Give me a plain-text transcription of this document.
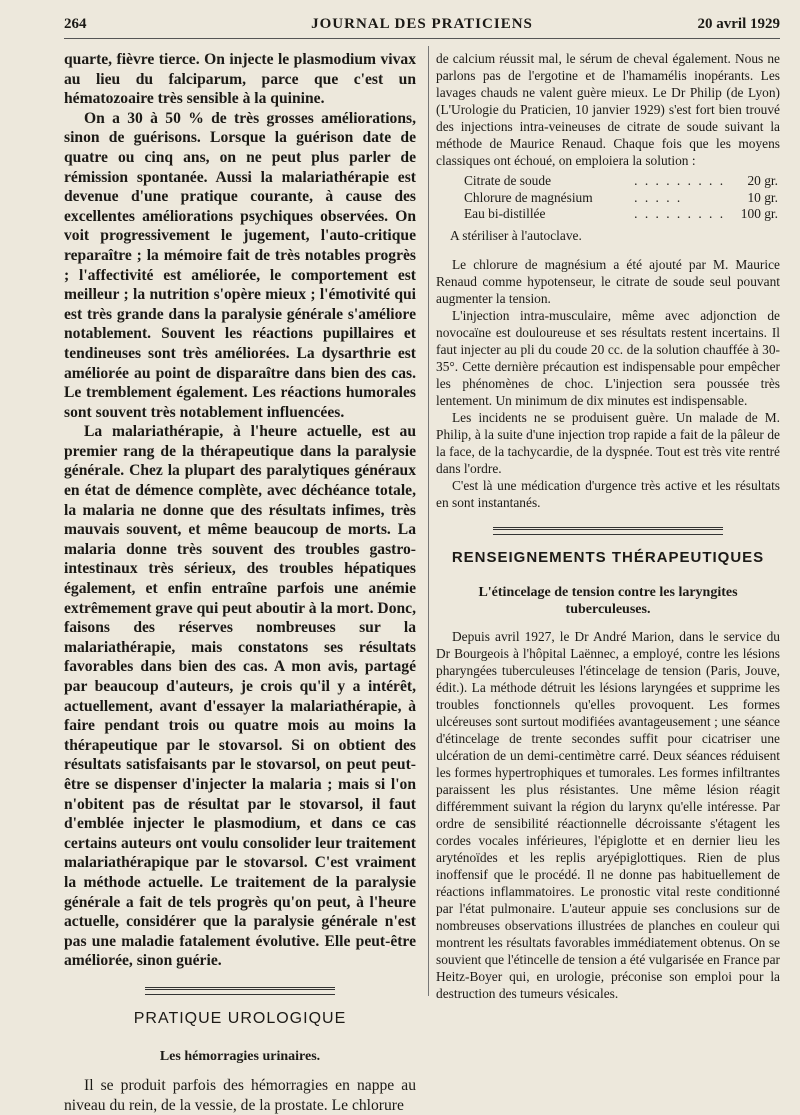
264	JOURNAL DES PRATICIENS	20 avril 1929

quarte, fièvre tierce. On injecte le plasmodium vivax au lieu du falciparum, parce que c'est un hématozoaire très sensible à la quinine.

On a 30 à 50 % de très grosses améliorations, sinon de guérisons. Lorsque la guérison date de quatre ou cinq ans, on ne peut plus parler de rémission spontanée. Aussi la malariathérapie est devenue d'une pratique courante, à cause des excellentes améliorations psychiques observées. On voit progressivement le jugement, l'auto-critique reparaître ; la mémoire fait de très notables progrès ; l'affectivité est améliorée, le comportement est meilleur ; la nutrition s'opère mieux ; l'émotivité qui est très grande dans la paralysie générale s'améliore notablement. Souvent les réactions pupillaires et tendineuses sont très améliorées. La dysarthrie est améliorée au point de disparaître dans bien des cas. Le tremblement également. Les réactions humorales sont souvent très notablement influencées.

La malariathérapie, à l'heure actuelle, est au premier rang de la thérapeutique dans la paralysie générale. Chez la plupart des paralytiques généraux en état de démence complète, avec déchéance totale, la malaria ne donne que des résultats infimes, très mauvais souvent, et même beaucoup de morts. La malaria donne très souvent des troubles gastro-intestinaux très sérieux, des troubles hépatiques également, et enfin entraîne parfois une anémie extrêmement grave qui peut aboutir à la mort. Donc, faisons des réserves nombreuses sur la malariathérapie, mais constatons ses résultats favorables dans bien des cas. A mon avis, partagé par beaucoup d'auteurs, je crois qu'il y a intérêt, actuellement, avant d'essayer la malariathérapie, à faire pendant trois ou quatre mois au moins la thérapeutique par le stovarsol. Si on obtient des résultats satisfaisants par le stovarsol, on peut peut-être se dispenser d'injecter la malaria ; mais si l'on n'obitent pas de résultat par le stovarsol, il faut d'emblée injecter le plasmodium, et dans ce cas certains auteurs ont voulu consolider leur traitement malariathérapique par le stovarsol. C'est vraiment la méthode actuelle. Le traitement de la paralysie générale a fait de tels progrès qu'on peut, à l'heure actuelle, considérer que la paralysie générale n'est pas une maladie fatalement évolutive. Elle peut-être améliorée, sinon guérie.

PRATIQUE UROLOGIQUE
Les hémorragies urinaires.

Il se produit parfois des hémorragies en nappe au niveau du rein, de la vessie, de la prostate. Le chlorure

de calcium réussit mal, le sérum de cheval également. Nous ne parlons pas de l'ergotine et de l'hamamélis inopérants. Les lavages chauds ne valent guère mieux. Le Dr Philip (de Lyon) (L'Urologie du Praticien, 10 janvier 1929) s'est fort bien trouvé des injections intra-veineuses de citrate de soude suivant la méthode de Maurice Renaud. Chaque fois que les moyens classiques ont échoué, on emploiera la solution :

Citrate de soude	. . . . . . . . .	20 gr.
Chlorure de magnésium	. . . . .	10 gr.
Eau bi-distillée	. . . . . . . . .	100 gr.
A stériliser à l'autoclave.

Le chlorure de magnésium a été ajouté par M. Maurice Renaud comme hypotenseur, le citrate de soude seul pouvant augmenter la tension.

L'injection intra-musculaire, même avec adjonction de novocaïne est douloureuse et ses résultats restent incertains. Il faut injecter au pli du coude 20 cc. de la solution chauffée à 30-35°. Cette dernière précaution est indispensable pour empêcher les phénomènes de choc. L'injection sera poussée très lentement. Un minimum de dix minutes est indispensable.

Les incidents ne se produisent guère. Un malade de M. Philip, à la suite d'une injection trop rapide a fait de la pâleur de la face, de la tachycardie, de la dyspnée. Tout est très vite rentré dans l'ordre.

C'est là une médication d'urgence très active et les résultats en sont instantanés.

RENSEIGNEMENTS THÉRAPEUTIQUES
L'étincelage de tension contre les laryngites tuberculeuses.

Depuis avril 1927, le Dr André Marion, dans le service du Dr Bourgeois à l'hôpital Laënnec, a employé, contre les lésions pharyngées tuberculeuses l'étincelage de tension (Paris, Jouve, édit.). La méthode détruit les lésions laryngées et supprime les troubles fonctionnels qu'elles provoquent. Les formes ulcéreuses sont surtout modifiées avantageusement ; une séance d'étincelage de trente secondes suffit pour cicatriser une ulcération de un demi-centimètre carré. Deux séances réduisent les formes hypertrophiques et tumorales. Les formes infiltrantes paraissent les plus résistantes. Une même lésion réagit différemment suivant la région du larynx qu'elle intéresse. Par ordre de sensibilité réactionnelle décroissante s'étagent les cordes vocales inférieures, l'épiglotte et en dernier lieu les aryténoïdes et les replis aryépiglottiques. Rien de plus inoffensif que le procédé. Il ne donne pas habituellement de réactions inflammatoires. Le pronostic vital reste conditionné par l'état pulmonaire. L'auteur appuie ses conclusions sur de nombreuses observations illustrées de planches en couleur qui montrent les résultats favorables immédiatement obtenus. On se souvient que l'étincelle de tension a été vulgarisée en France par Heitz-Boyer qui, en urologie, préconise son emploi pour la destruction des tumeurs vésicales.
